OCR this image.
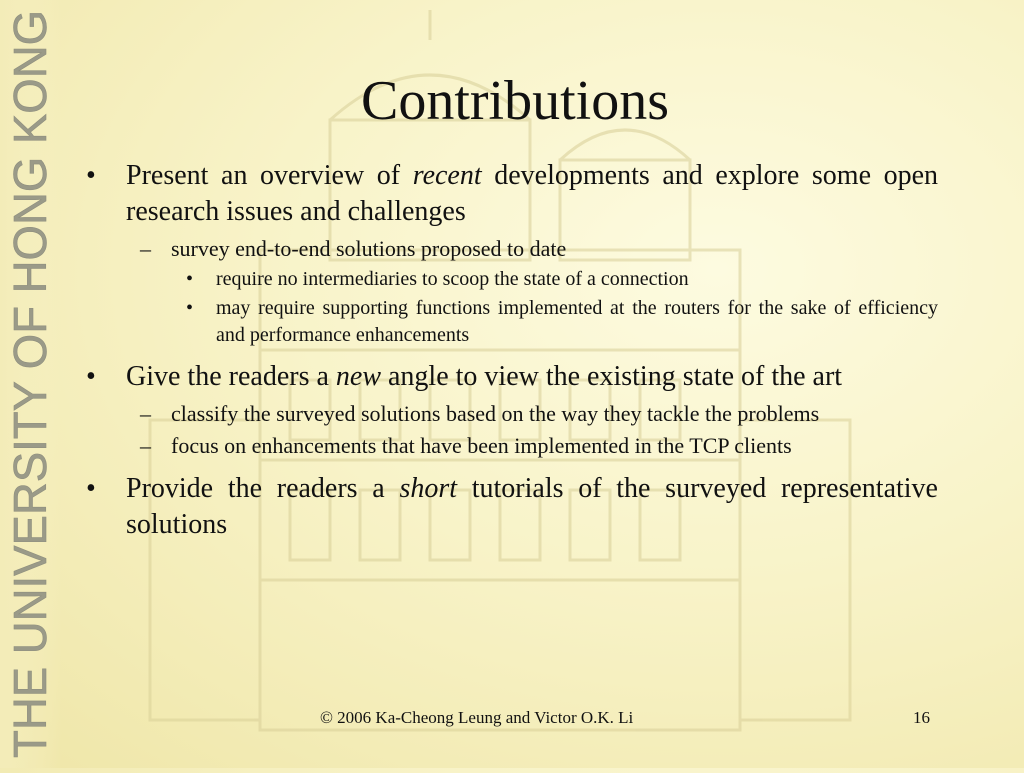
THE UNIVERSITY OF HONG KONG	Contributions
• Present an overview of recent developments and explore some open research issues and challenges
– survey end-to-end solutions proposed to date
• require no intermediaries to scoop the state of a connection
• may require supporting functions implemented at the routers for the sake of efficiency and performance enhancements
• Give the readers a new angle to view the existing state of the art
– classify the surveyed solutions based on the way they tackle the problems
– focus on enhancements that have been implemented in the TCP clients
• Provide the readers a short tutorials of the surveyed representative solutions
© 2006 Ka-Cheong Leung and Victor O.K. Li	16
